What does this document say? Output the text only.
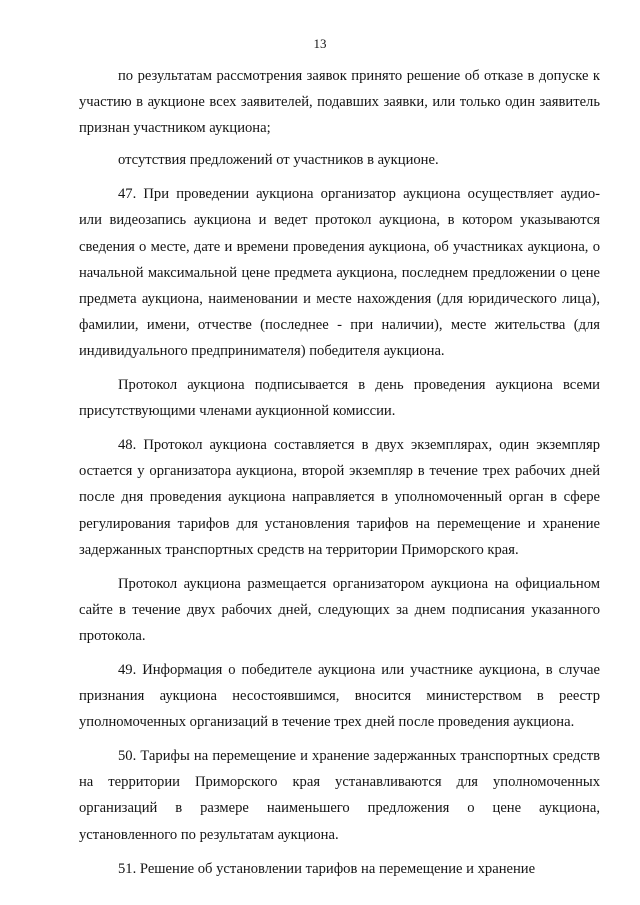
13

по результатам рассмотрения заявок принято решение об отказе в допуске к участию в аукционе всех заявителей, подавших заявки, или только один заявитель признан участником аукциона;

отсутствия предложений от участников в аукционе.

47. При проведении аукциона организатор аукциона осуществляет аудио- или видеозапись аукциона и ведет протокол аукциона, в котором указываются сведения о месте, дате и времени проведения аукциона, об участниках аукциона, о начальной максимальной цене предмета аукциона, последнем предложении о цене предмета аукциона, наименовании и месте нахождения (для юридического лица), фамилии, имени, отчестве (последнее - при наличии), месте жительства (для индивидуального предпринимателя) победителя аукциона.

Протокол аукциона подписывается в день проведения аукциона всеми присутствующими членами аукционной комиссии.

48. Протокол аукциона составляется в двух экземплярах, один экземпляр остается у организатора аукциона, второй экземпляр в течение трех рабочих дней после дня проведения аукциона направляется в уполномоченный орган в сфере регулирования тарифов для установления тарифов на перемещение и хранение задержанных транспортных средств на территории Приморского края.

Протокол аукциона размещается организатором аукциона на официальном сайте в течение двух рабочих дней, следующих за днем подписания указанного протокола.

49. Информация о победителе аукциона или участнике аукциона, в случае признания аукциона несостоявшимся, вносится министерством в реестр уполномоченных организаций в течение трех дней после проведения аукциона.

50. Тарифы на перемещение и хранение задержанных транспортных средств на территории Приморского края устанавливаются для уполномоченных организаций в размере наименьшего предложения о цене аукциона, установленного по результатам аукциона.

51. Решение об установлении тарифов на перемещение и хранение
